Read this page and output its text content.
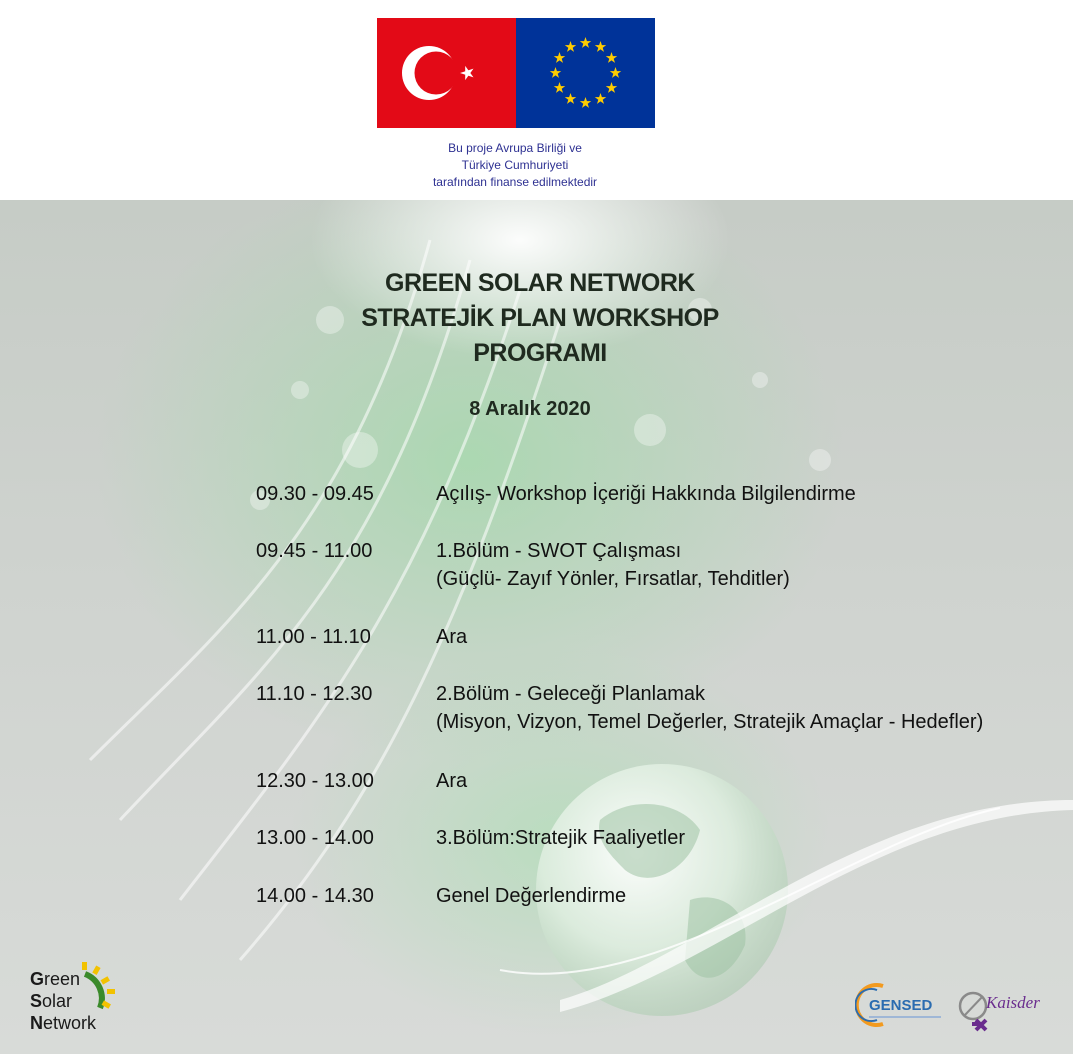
Bu proje Avrupa Birliği ve
Türkiye Cumhuriyeti
tarafından finanse edilmektedir
GREEN SOLAR NETWORK
STRATEJİK PLAN WORKSHOP
PROGRAMI
8 Aralık 2020
09.30 - 09.45	Açılış- Workshop İçeriği Hakkında Bilgilendirme
09.45 - 11.00	1.Bölüm - SWOT Çalışması
(Güçlü- Zayıf Yönler, Fırsatlar, Tehditler)
11.00 - 11.10	Ara
11.10 - 12.30	2.Bölüm - Geleceği Planlamak
(Misyon, Vizyon, Temel Değerler, Stratejik Amaçlar - Hedefler)
12.30 - 13.00	Ara
13.00 - 14.00	3.Bölüm:Stratejik Faaliyetler
14.00 - 14.30	Genel Değerlendirme
Green
Solar
Network
GENSED	Kaisder
